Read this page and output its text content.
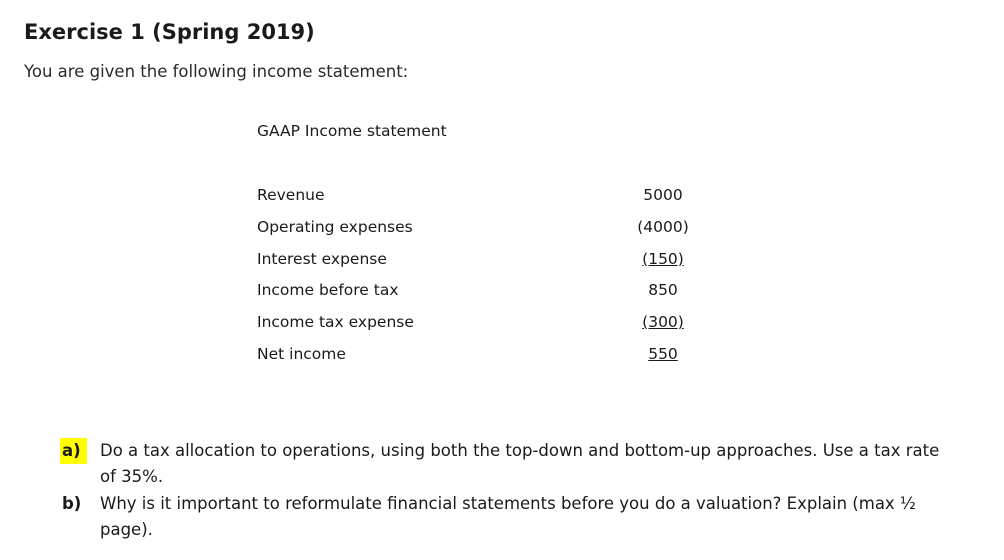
Exercise 1 (Spring 2019)
You are given the following income statement:
GAAP Income statement
Revenue	5000
Operating expenses	(4000)
Interest expense	(150)
Income before tax	850
Income tax expense	(300)
Net income	550
a)	Do a tax allocation to operations, using both the top-down and bottom-up approaches. Use a tax rate of 35%.
b) Why is it important to reformulate financial statements before you do a valuation? Explain (max ½ page).
